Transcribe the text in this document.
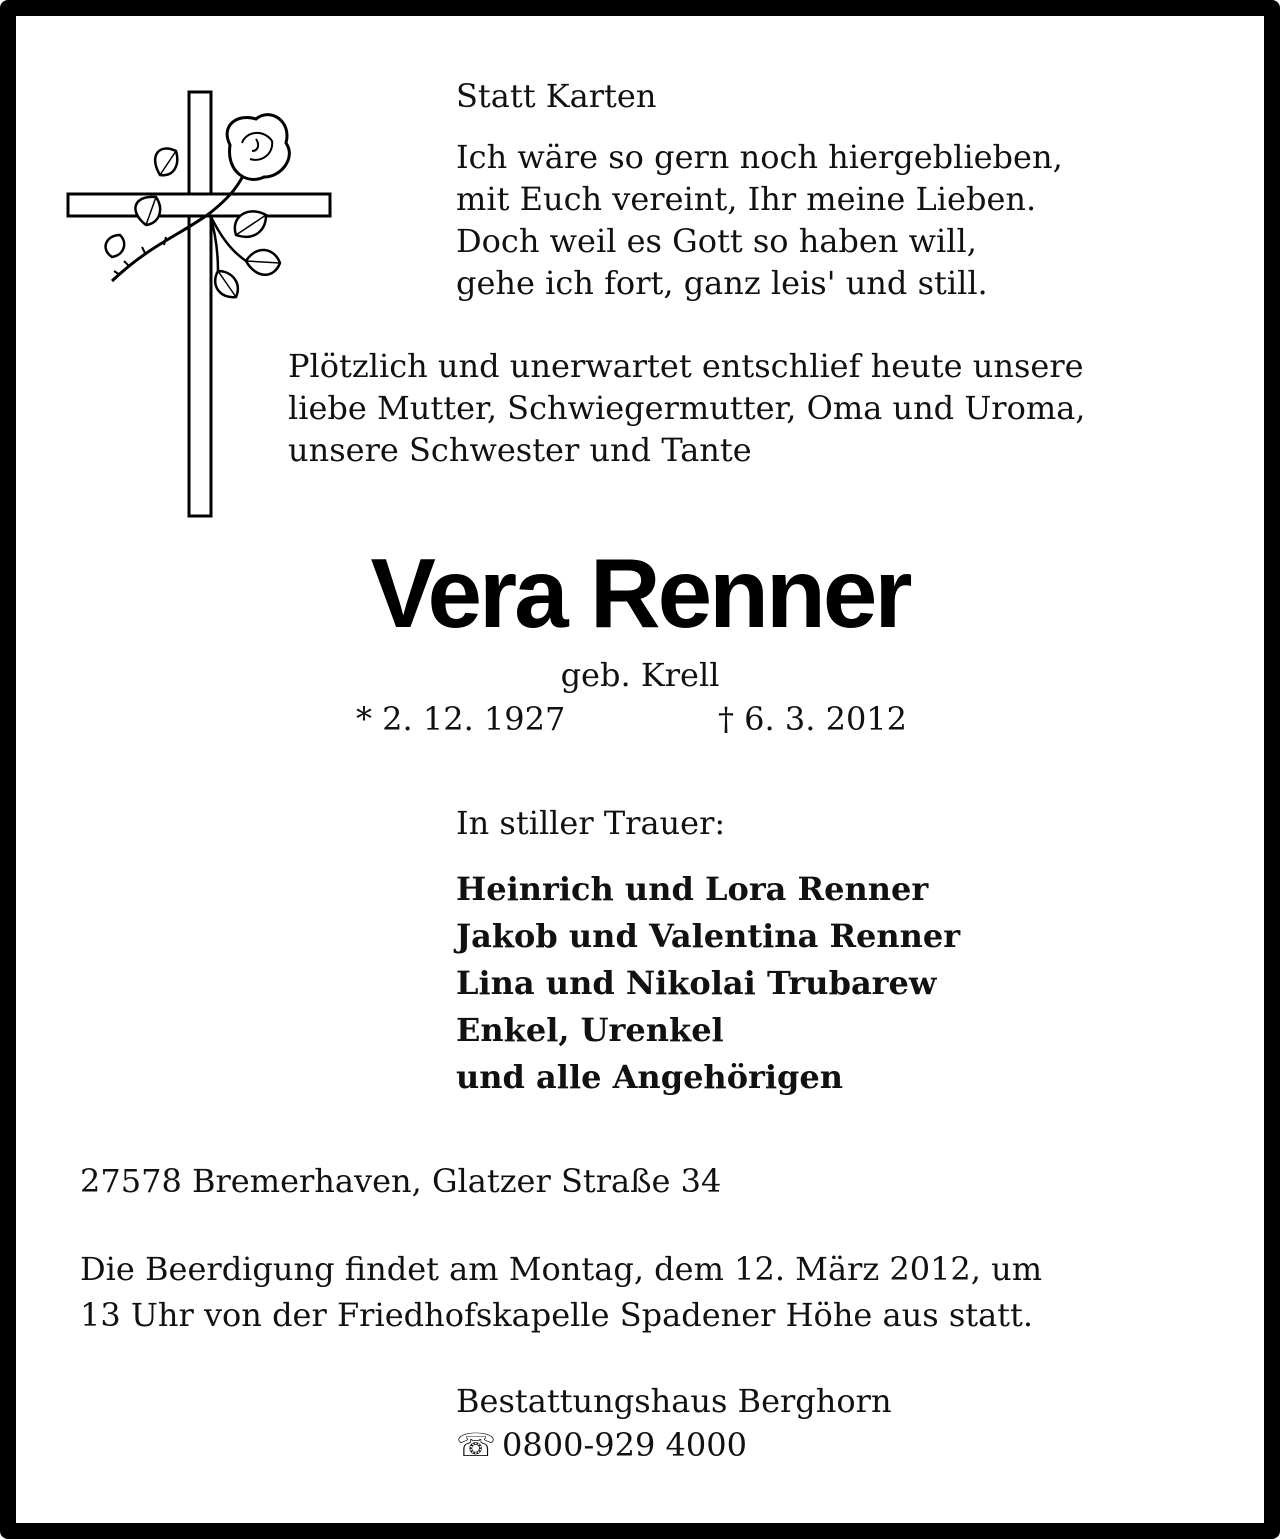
Statt Karten
Ich wäre so gern noch hiergeblieben,
mit Euch vereint, Ihr meine Lieben.
Doch weil es Gott so haben will,
gehe ich fort, ganz leis' und still.
Plötzlich und unerwartet entschlief heute unsere
liebe Mutter, Schwiegermutter, Oma und Uroma,
unsere Schwester und Tante
Vera Renner
geb. Krell
* 2. 12. 1927	† 6. 3. 2012
In stiller Trauer:
Heinrich und Lora Renner
Jakob und Valentina Renner
Lina und Nikolai Trubarew
Enkel, Urenkel
und alle Angehörigen
27578 Bremerhaven, Glatzer Straße 34
Die Beerdigung findet am Montag, dem 12. März 2012, um
13 Uhr von der Friedhofskapelle Spadener Höhe aus statt.
Bestattungshaus Berghorn
☏ 0800-929 4000
